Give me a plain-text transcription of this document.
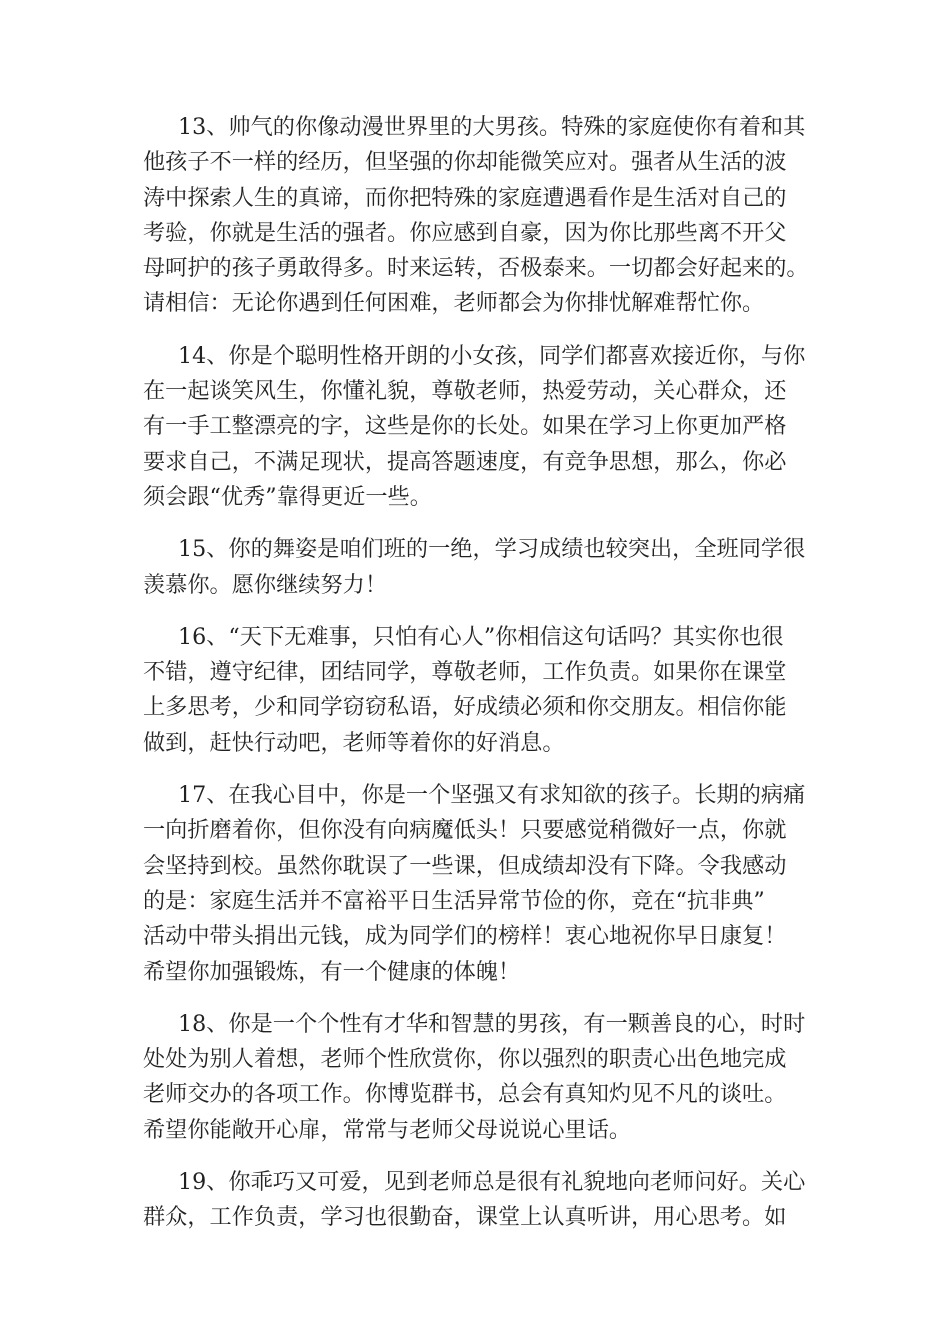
13、帅气的你像动漫世界里的大男孩。特殊的家庭使你有着和其
他孩子不一样的经历，但坚强的你却能微笑应对。强者从生活的波
涛中探索人生的真谛，而你把特殊的家庭遭遇看作是生活对自己的
考验，你就是生活的强者。你应感到自豪，因为你比那些离不开父
母呵护的孩子勇敢得多。时来运转，否极泰来。一切都会好起来的。
请相信：无论你遇到任何困难，老师都会为你排忧解难帮忙你。
14、你是个聪明性格开朗的小女孩，同学们都喜欢接近你，与你
在一起谈笑风生，你懂礼貌，尊敬老师，热爱劳动，关心群众，还
有一手工整漂亮的字，这些是你的长处。如果在学习上你更加严格
要求自己，不满足现状，提高答题速度，有竞争思想，那么，你必
须会跟“优秀”靠得更近一些。
15、你的舞姿是咱们班的一绝，学习成绩也较突出，全班同学很
羡慕你。愿你继续努力！
16、“天下无难事，只怕有心人”你相信这句话吗？其实你也很
不错，遵守纪律，团结同学，尊敬老师，工作负责。如果你在课堂
上多思考，少和同学窃窃私语，好成绩必须和你交朋友。相信你能
做到，赶快行动吧，老师等着你的好消息。
17、在我心目中，你是一个坚强又有求知欲的孩子。长期的病痛
一向折磨着你，但你没有向病魔低头！只要感觉稍微好一点，你就
会坚持到校。虽然你耽误了一些课，但成绩却没有下降。令我感动
的是：家庭生活并不富裕平日生活异常节俭的你，竞在“抗非典”
活动中带头捐出元钱，成为同学们的榜样！衷心地祝你早日康复！
希望你加强锻炼，有一个健康的体魄！
18、你是一个个性有才华和智慧的男孩，有一颗善良的心，时时
处处为别人着想，老师个性欣赏你，你以强烈的职责心出色地完成
老师交办的各项工作。你博览群书，总会有真知灼见不凡的谈吐。
希望你能敞开心扉，常常与老师父母说说心里话。
19、你乖巧又可爱，见到老师总是很有礼貌地向老师问好。关心
群众，工作负责，学习也很勤奋，课堂上认真听讲，用心思考。如
